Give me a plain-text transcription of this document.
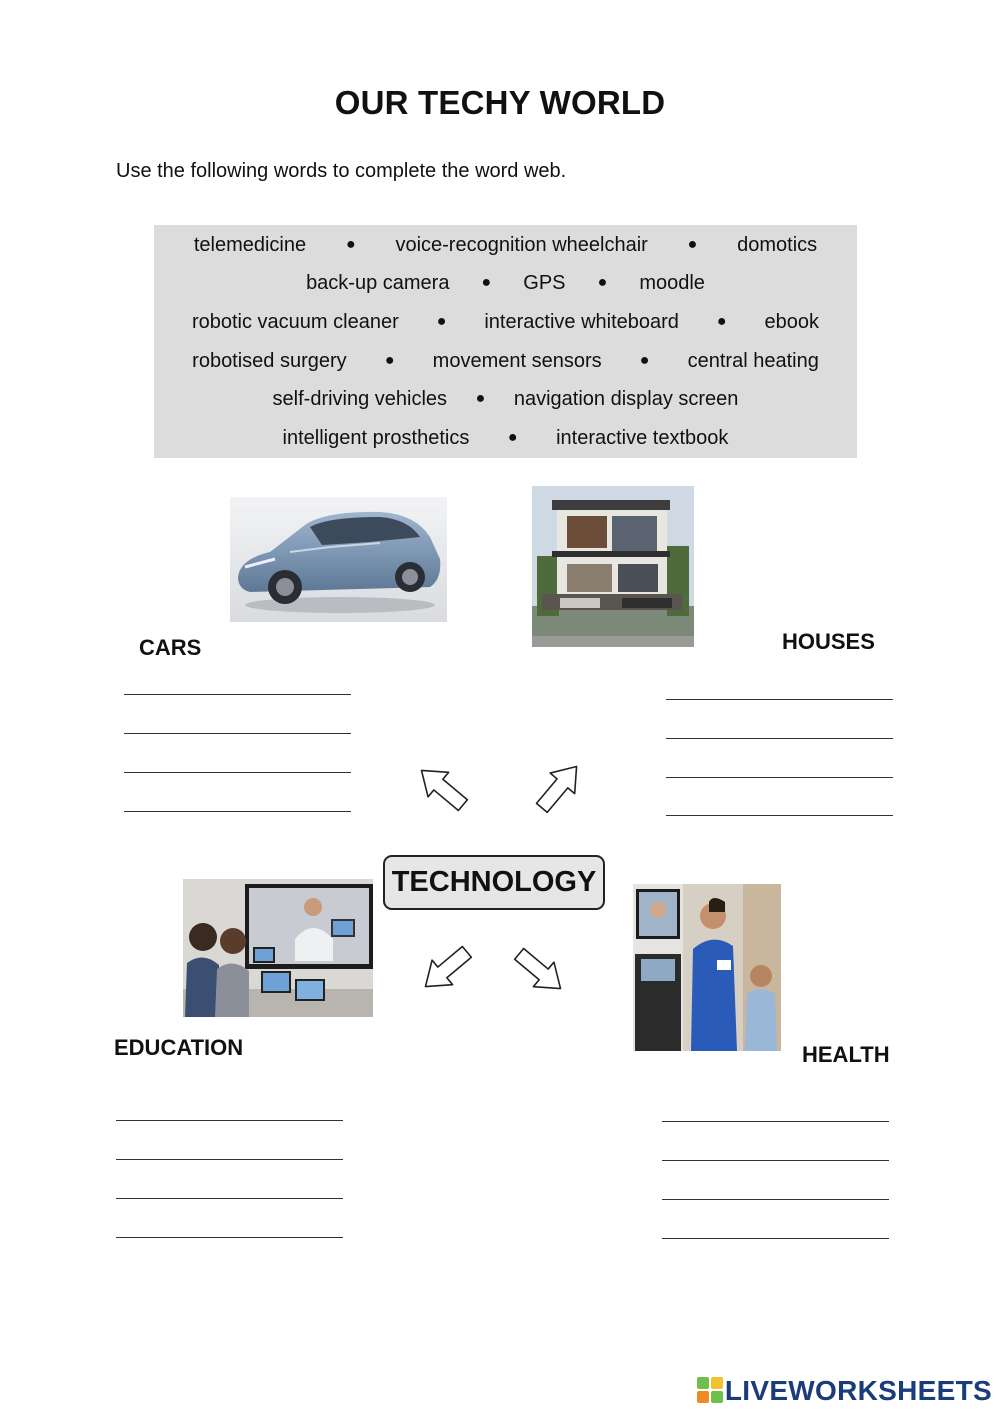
OUR TECHY WORLD
Use the following words to complete the word web.
telemedicine ● voice-recognition wheelchair ● domotics
back-up camera ● GPS ● moodle
robotic vacuum cleaner ● interactive whiteboard ● ebook
robotised surgery ● movement sensors ● central heating
self-driving vehicles ● navigation display screen
intelligent prosthetics ● interactive textbook
CARS	HOUSES
EDUCATION	HEALTH
TECHNOLOGY
LIVEWORKSHEETS
